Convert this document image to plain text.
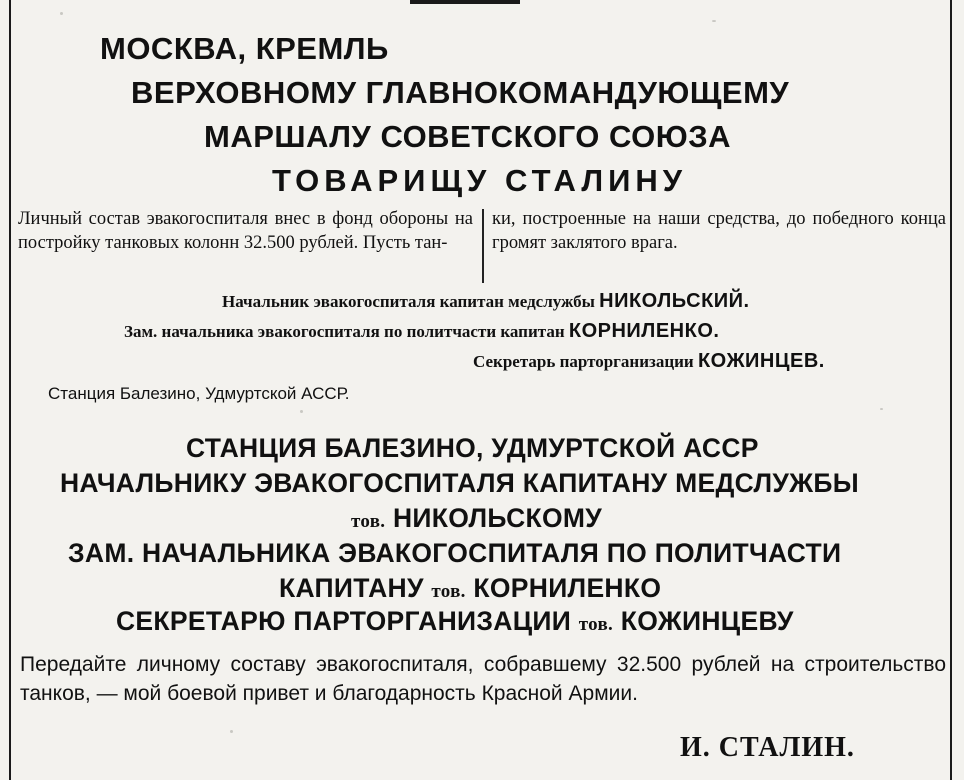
МОСКВА, КРЕМЛЬ
ВЕРХОВНОМУ ГЛАВНОКОМАНДУЮЩЕМУ
МАРШАЛУ СОВЕТСКОГО СОЮЗА
ТОВАРИЩУ СТАЛИНУ
Личный состав эвакогоспиталя внес в фонд обороны на постройку танковых колонн 32.500 рублей. Пусть тан-
ки, построенные на наши средства, до победного конца громят заклятого врага.
Начальник эвакогоспиталя капитан медслужбы НИКОЛЬСКИЙ.
Зам. начальника эвакогоспиталя по политчасти капитан КОРНИЛЕНКО.
Секретарь парторганизации КОЖИНЦЕВ.
Станция Балезино, Удмуртской АССР.
СТАНЦИЯ БАЛЕЗИНО, УДМУРТСКОЙ АССР
НАЧАЛЬНИКУ ЭВАКОГОСПИТАЛЯ КАПИТАНУ МЕДСЛУЖБЫ
тов. НИКОЛЬСКОМУ
ЗАМ. НАЧАЛЬНИКА ЭВАКОГОСПИТАЛЯ ПО ПОЛИТЧАСТИ
КАПИТАНУ тов. КОРНИЛЕНКО
СЕКРЕТАРЮ ПАРТОРГАНИЗАЦИИ тов. КОЖИНЦЕВУ
Передайте личному составу эвакогоспиталя, собравшему 32.500 рублей на строительство танков, — мой боевой привет и благодарность Красной Армии.
И. СТАЛИН.
